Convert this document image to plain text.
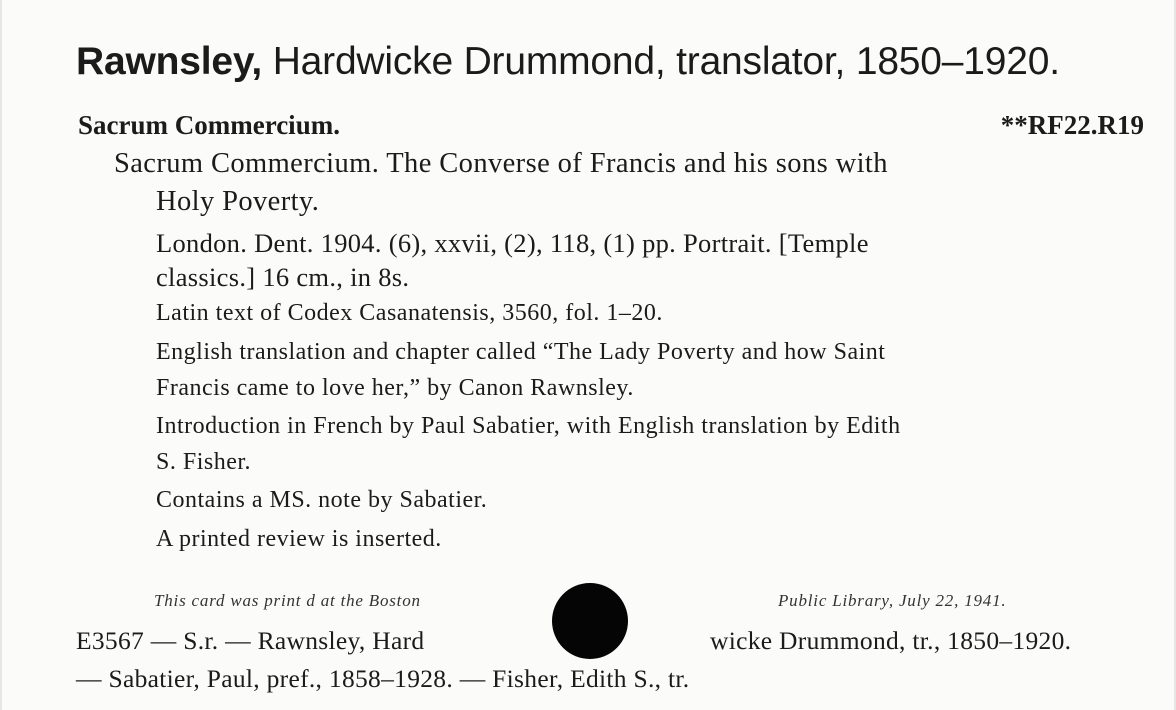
Rawnsley, Hardwicke Drummond, translator, 1850–1920.
Sacrum Commercium.	**RF22.R19
Sacrum Commercium. The Converse of Francis and his sons with
Holy Poverty.
London. Dent. 1904. (6), xxvii, (2), 118, (1) pp. Portrait. [Temple
classics.] 16 cm., in 8s.
Latin text of Codex Casanatensis, 3560, fol. 1–20.
English translation and chapter called “The Lady Poverty and how Saint
Francis came to love her,” by Canon Rawnsley.
Introduction in French by Paul Sabatier, with English translation by Edith
S. Fisher.
Contains a MS. note by Sabatier.
A printed review is inserted.
This card was print d at the Boston	Public Library, July 22, 1941.
E3567 — S.r. — Rawnsley, Hard	wicke Drummond, tr., 1850–1920.
— Sabatier, Paul, pref., 1858–1928. — Fisher, Edith S., tr.
